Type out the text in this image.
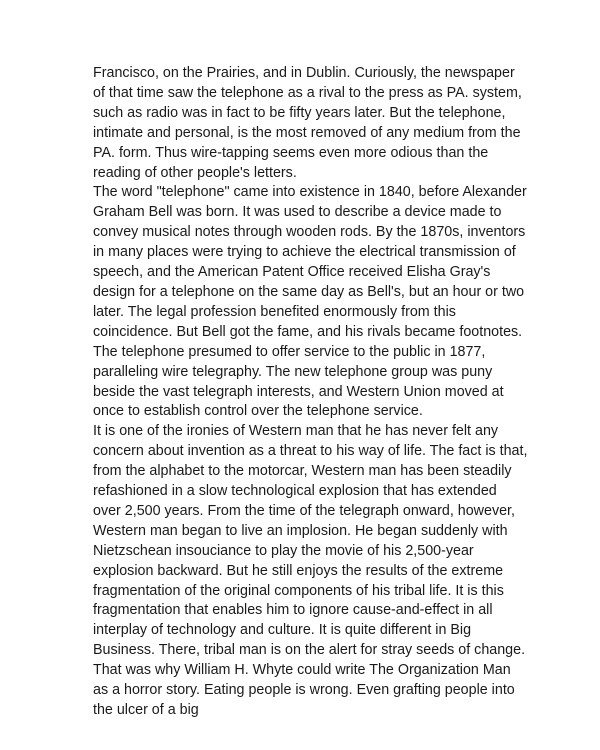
Francisco, on the Prairies, and in Dublin. Curiously, the newspaper
of that time saw the telephone as a rival to the press as PA. system,
such as radio was in fact to be fifty years later. But the telephone,
intimate and personal, is the most removed of any medium from the
PA. form. Thus wire-tapping seems even more odious than the
reading of other people's letters.
The word "telephone" came into existence in 1840, before Alexander
Graham Bell was born. It was used to describe a device made to
convey musical notes through wooden rods. By the 1870s, inventors
in many places were trying to achieve the electrical transmission of
speech, and the American Patent Office received Elisha Gray's
design for a telephone on the same day as Bell's, but an hour or two
later. The legal profession benefited enormously from this
coincidence. But Bell got the fame, and his rivals became footnotes.
The telephone presumed to offer service to the public in 1877,
paralleling wire telegraphy. The new telephone group was puny
beside the vast telegraph interests, and Western Union moved at
once to establish control over the telephone service.
It is one of the ironies of Western man that he has never felt any
concern about invention as a threat to his way of life. The fact is that,
from the alphabet to the motorcar, Western man has been steadily
refashioned in a slow technological explosion that has extended
over 2,500 years. From the time of the telegraph onward, however,
Western man began to live an implosion. He began suddenly with
Nietzschean insouciance to play the movie of his 2,500-year
explosion backward. But he still enjoys the results of the extreme
fragmentation of the original components of his tribal life. It is this
fragmentation that enables him to ignore cause-and-effect in all
interplay of technology and culture. It is quite different in Big
Business. There, tribal man is on the alert for stray seeds of change.
That was why William H. Whyte could write The Organization Man
as a horror story. Eating people is wrong. Even grafting people into
the ulcer of a big
